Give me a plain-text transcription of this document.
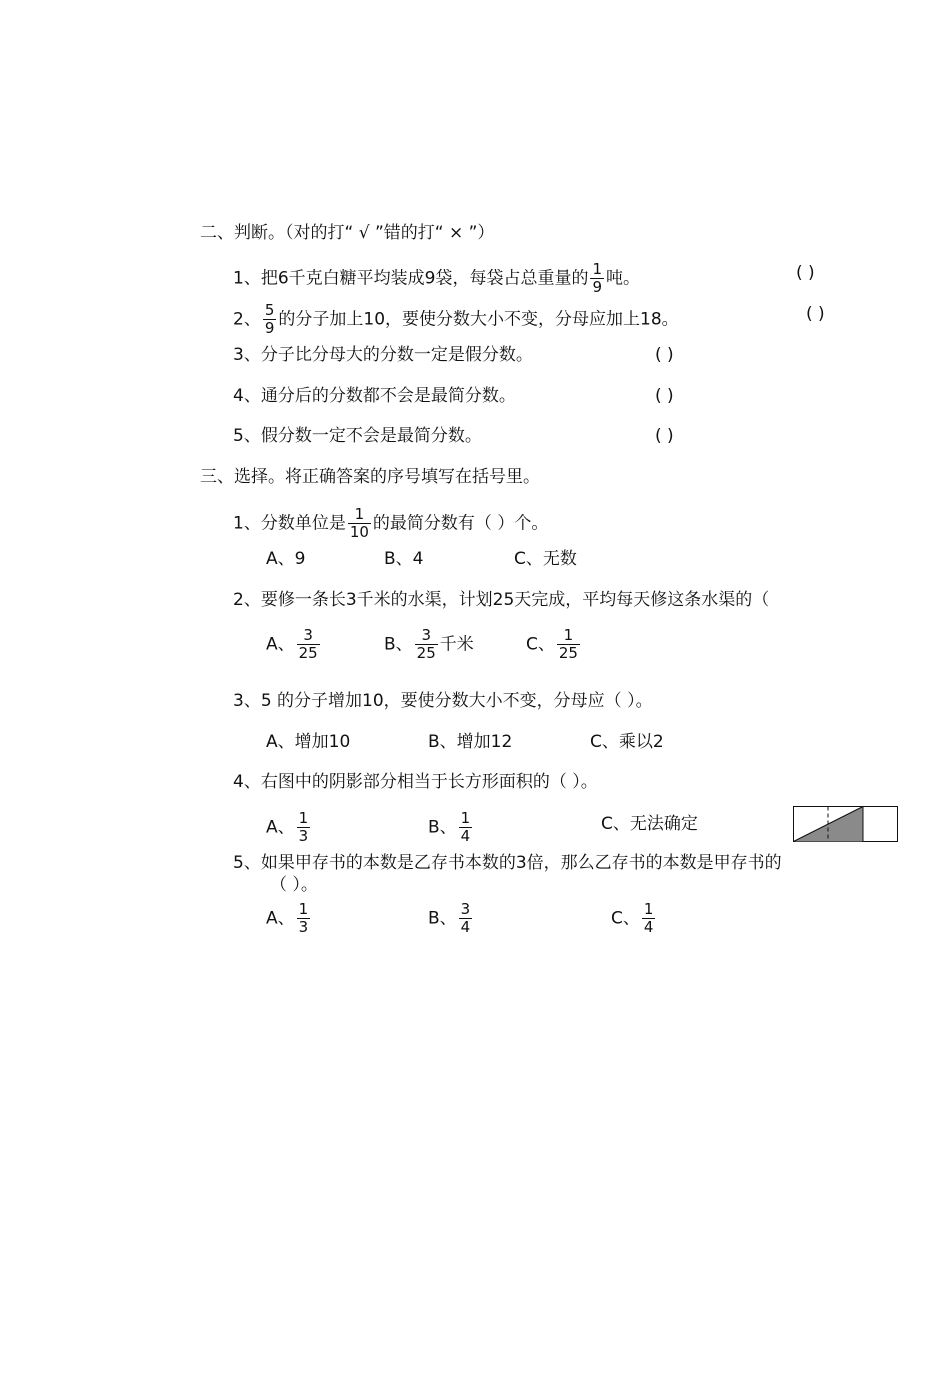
二、判断。（对的打“ √ ”错的打“ × ”）
1、把6千克白糖平均装成9袋，每袋占总重量的 $\frac{1}{9}$ 吨。	( )
2、 $\frac{5}{9}$ 的分子加上10，要使分数大小不变，分母应加上18。	( )
3、分子比分母大的分数一定是假分数。	( )
4、通分后的分数都不会是最简分数。	( )
5、假分数一定不会是最简分数。	( )
三、选择。将正确答案的序号填写在括号里。
1、分数单位是 $\frac{1}{10}$ 的最简分数有（ ）个。
A、9	B、4	C、无数
2、要修一条长3千米的水渠，计划25天完成，平均每天修这条水渠的（
A、 $\frac{3}{25}$	B、 $\frac{3}{25}$ 千米	C、 $\frac{1}{25}$
3、5 的分子增加10，要使分数大小不变，分母应（ ）。
A、增加10	B、增加12	C、乘以2
4、右图中的阴影部分相当于长方形面积的（ ）。
A、 $\frac{1}{3}$	B、 $\frac{1}{4}$	C、无法确定
5、如果甲存书的本数是乙存书本数的3倍，那么乙存书的本数是甲存书的
（ ）。
A、 $\frac{1}{3}$	B、 $\frac{3}{4}$	C、 $\frac{1}{4}$
